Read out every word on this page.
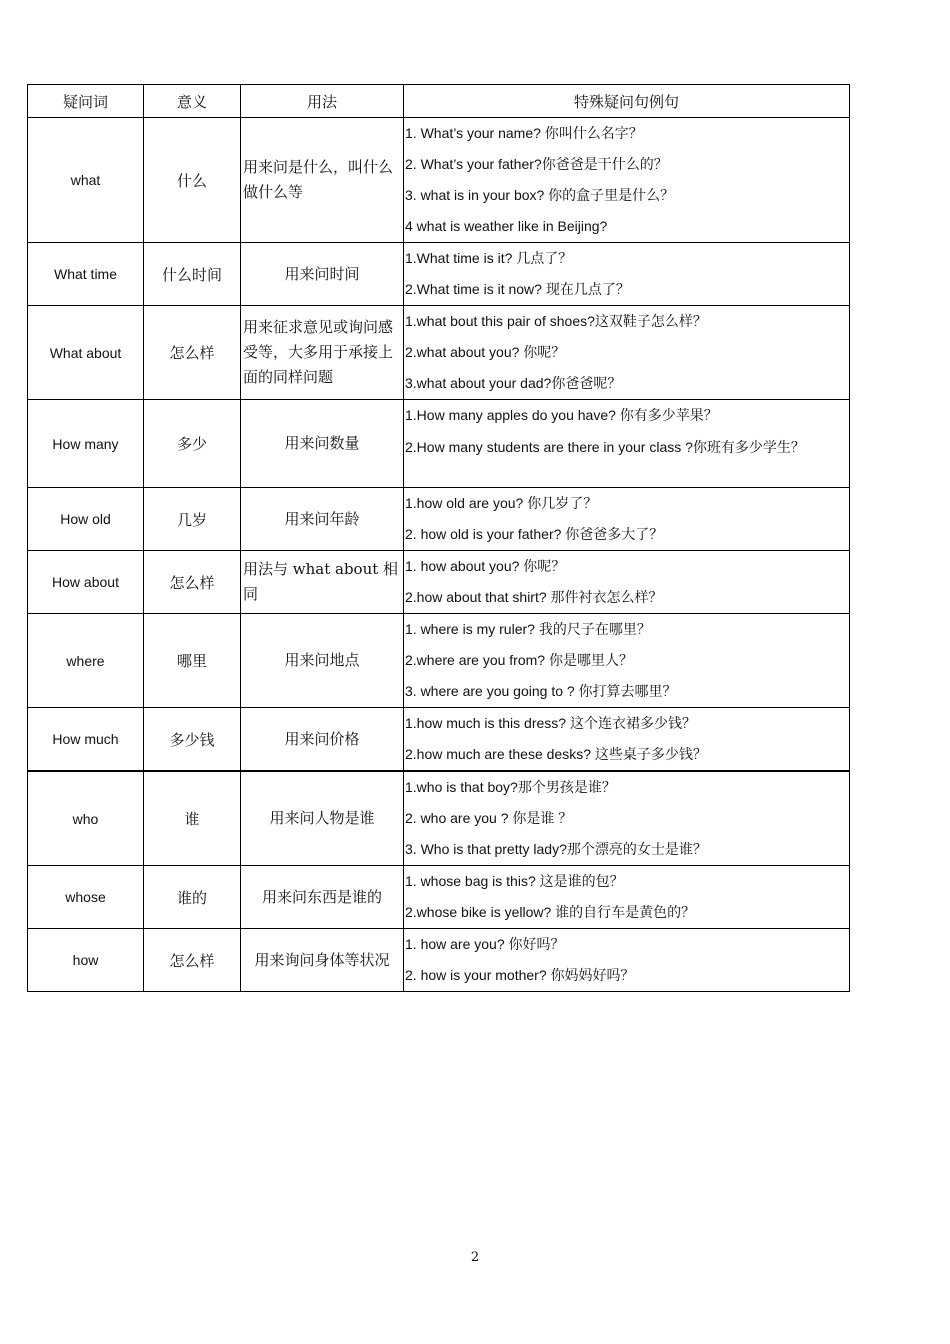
疑问词	意义	用法	特殊疑问句例句
what	什么	用来问是什么，叫什么做什么等	1. What’s your name? 你叫什么名字？
2. What’s your father?你爸爸是干什么的？
3. what is in your box? 你的盒子里是什么？
4 what is weather like in Beijing?

What time	什么时间	用来问时间	1.What time is it? 几点了？
2.What time is it now? 现在几点了？

What about	怎么样	用来征求意见或询问感受等，大多用于承接上面的同样问题	1.what bout this pair of shoes?这双鞋子怎么样？
2.what about you? 你呢？
3.what about your dad?你爸爸呢？

How many	多少	用来问数量	1.How many apples do you have? 你有多少苹果？
2.How many students are there in your class ?你班有多少学生？

How old	几岁	用来问年龄	1.how old are you? 你几岁了？
2. how old is your father? 你爸爸多大了？

How about	怎么样	用法与 what about 相同	1. how about you? 你呢？
2.how about that shirt? 那件衬衣怎么样？

where	哪里	用来问地点	1. where is my ruler? 我的尺子在哪里？
2.where are you from? 你是哪里人？
3. where are you going to ? 你打算去哪里？

How much	多少钱	用来问价格	1.how much is this dress? 这个连衣裙多少钱？
2.how much are these desks? 这些桌子多少钱？

who	谁	用来问人物是谁	1.who is that boy?那个男孩是谁？
2. who are you ? 你是谁 ？
3. Who is that pretty lady?那个漂亮的女士是谁？

whose	谁的	用来问东西是谁的	1. whose bag is this? 这是谁的包？
2.whose bike is yellow? 谁的自行车是黄色的？

how	怎么样	用来询问身体等状况	1. how are you? 你好吗？
2. how is your mother? 你妈妈好吗？
2
